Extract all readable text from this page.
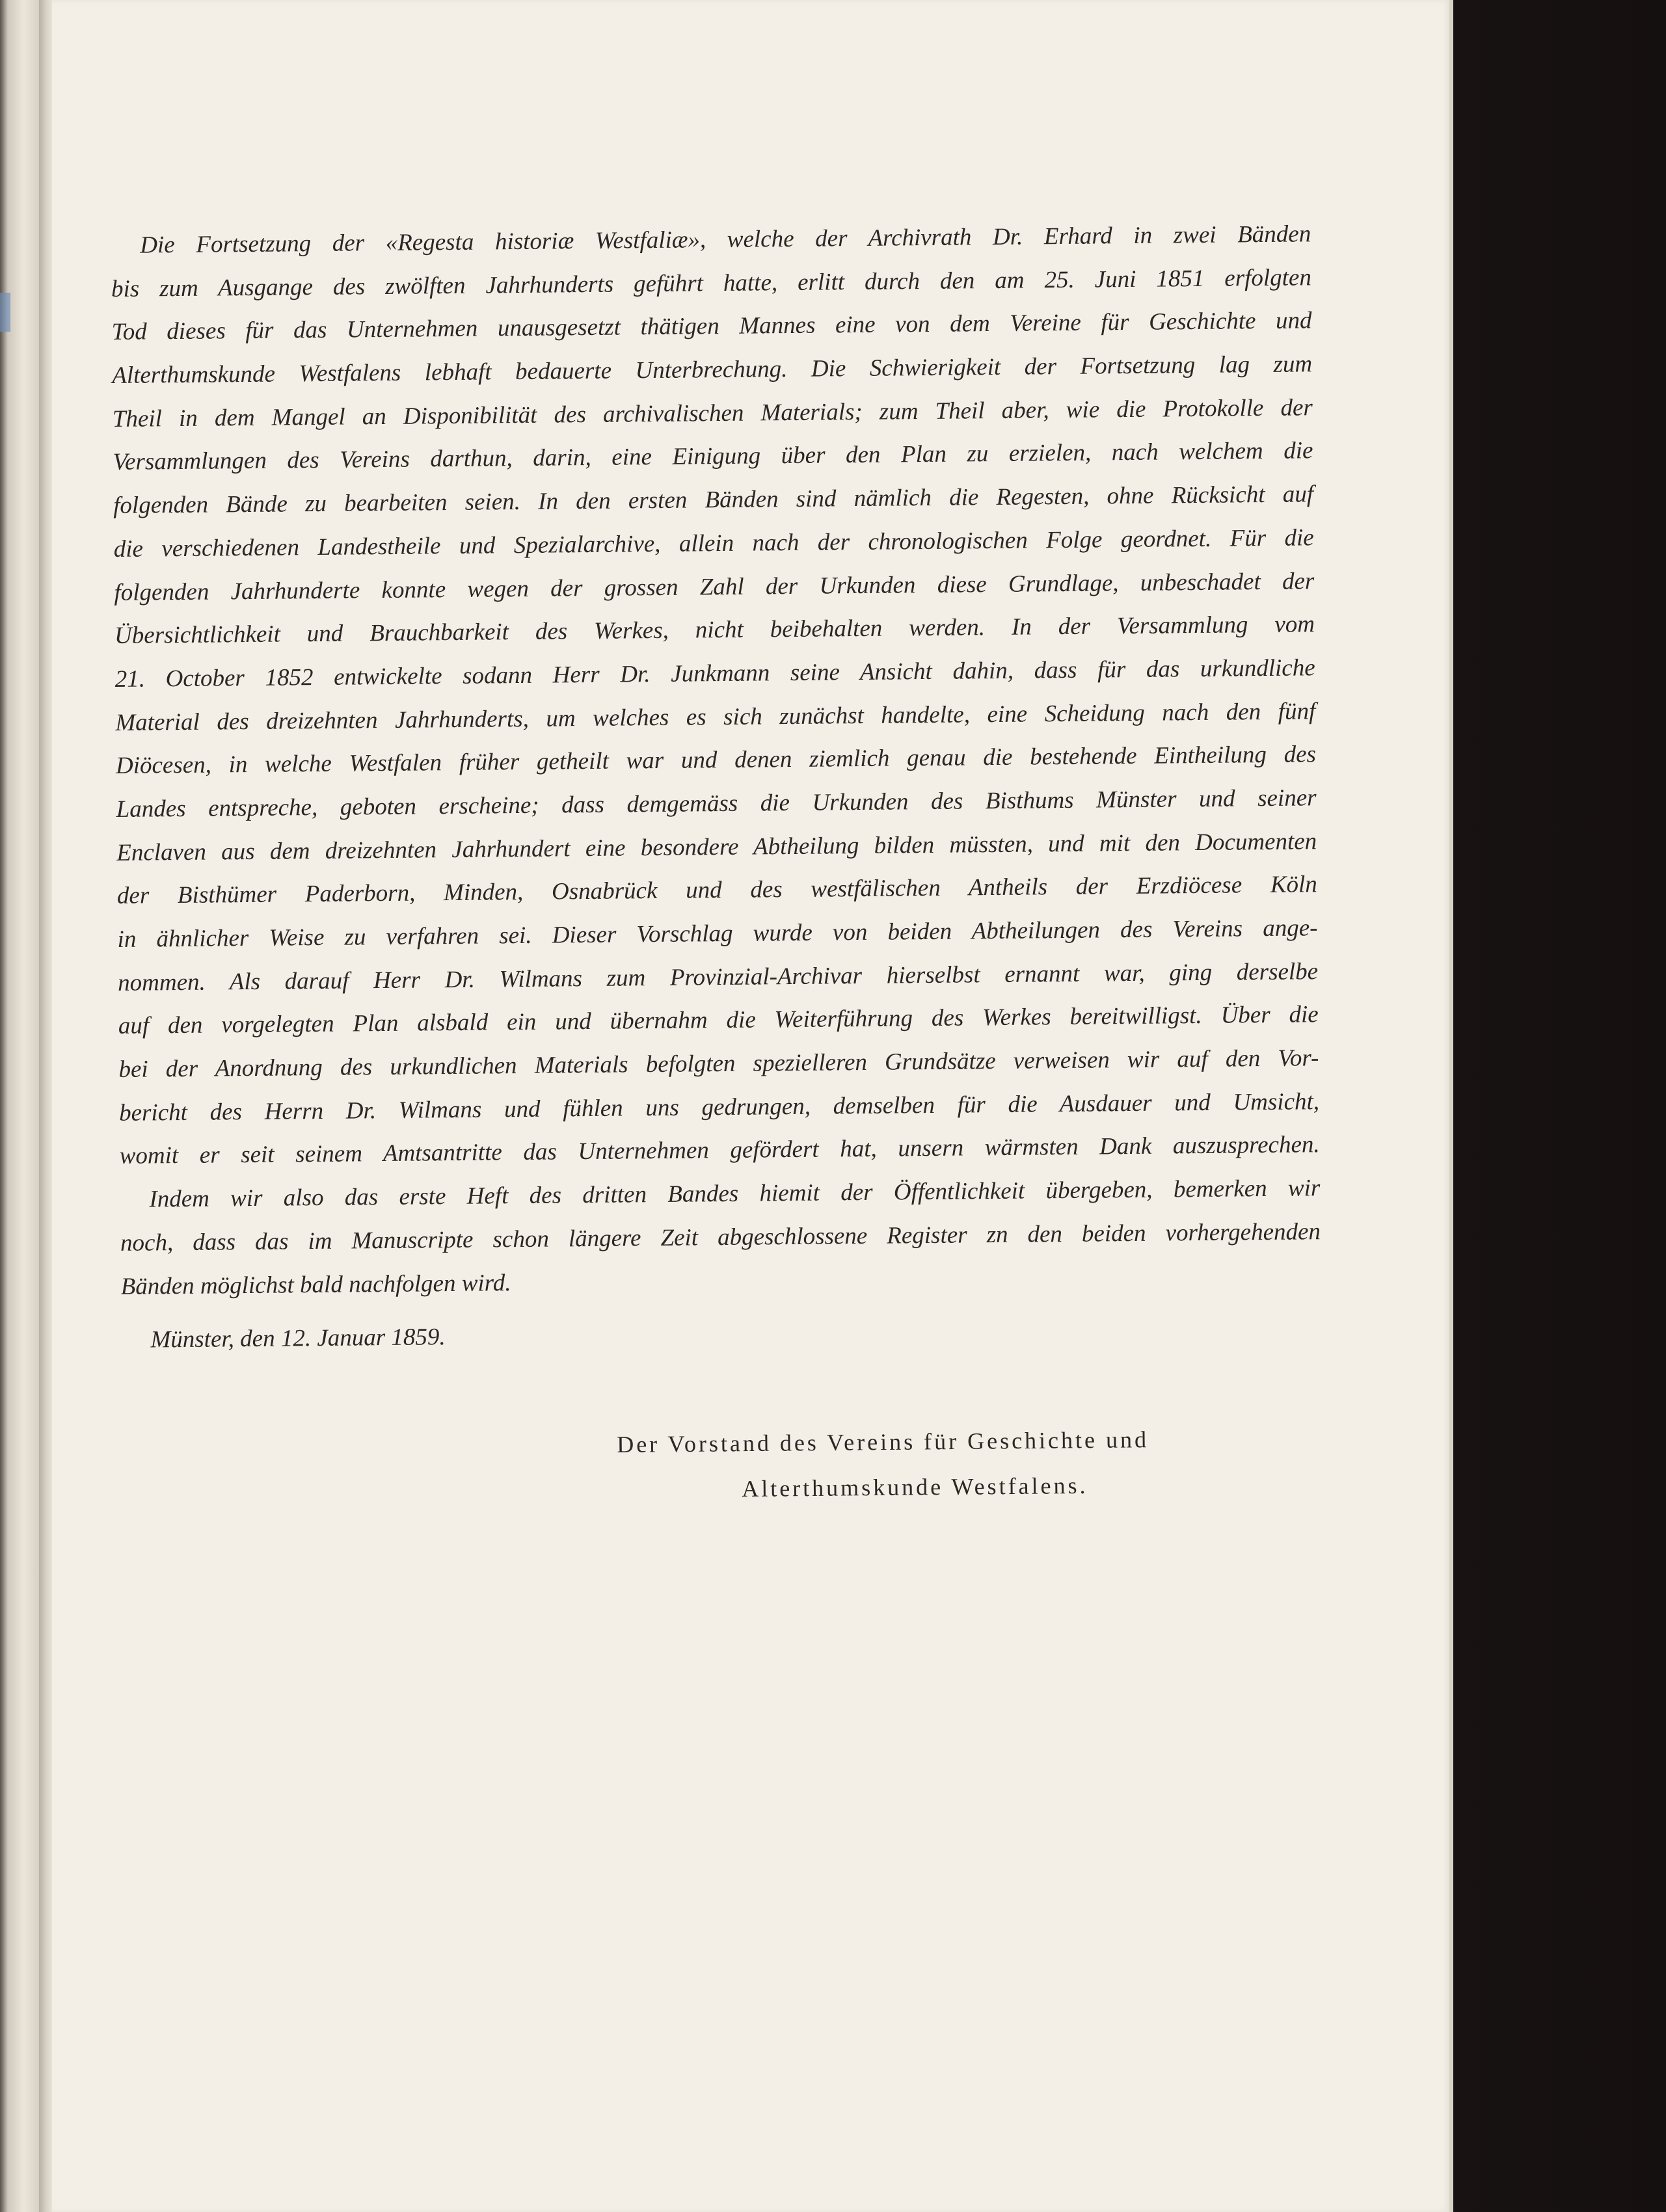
Die Fortsetzung der «Regesta historiæ Westfaliæ», welche der Archivrath Dr. Erhard in zwei Bänden
bis zum Ausgange des zwölften Jahrhunderts geführt hatte, erlitt durch den am 25. Juni 1851 erfolgten
Tod dieses für das Unternehmen unausgesetzt thätigen Mannes eine von dem Vereine für Geschichte und
Alterthumskunde Westfalens lebhaft bedauerte Unterbrechung. Die Schwierigkeit der Fortsetzung lag zum
Theil in dem Mangel an Disponibilität des archivalischen Materials; zum Theil aber, wie die Protokolle der
Versammlungen des Vereins darthun, darin, eine Einigung über den Plan zu erzielen, nach welchem die
folgenden Bände zu bearbeiten seien. In den ersten Bänden sind nämlich die Regesten, ohne Rücksicht auf
die verschiedenen Landestheile und Spezialarchive, allein nach der chronologischen Folge geordnet. Für die
folgenden Jahrhunderte konnte wegen der grossen Zahl der Urkunden diese Grundlage, unbeschadet der
Übersichtlichkeit und Brauchbarkeit des Werkes, nicht beibehalten werden. In der Versammlung vom
21. October 1852 entwickelte sodann Herr Dr. Junkmann seine Ansicht dahin, dass für das urkundliche
Material des dreizehnten Jahrhunderts, um welches es sich zunächst handelte, eine Scheidung nach den fünf
Diöcesen, in welche Westfalen früher getheilt war und denen ziemlich genau die bestehende Eintheilung des
Landes entspreche, geboten erscheine; dass demgemäss die Urkunden des Bisthums Münster und seiner
Enclaven aus dem dreizehnten Jahrhundert eine besondere Abtheilung bilden müssten, und mit den Documenten
der Bisthümer Paderborn, Minden, Osnabrück und des westfälischen Antheils der Erzdiöcese Köln
in ähnlicher Weise zu verfahren sei. Dieser Vorschlag wurde von beiden Abtheilungen des Vereins ange-
nommen. Als darauf Herr Dr. Wilmans zum Provinzial-Archivar hierselbst ernannt war, ging derselbe
auf den vorgelegten Plan alsbald ein und übernahm die Weiterführung des Werkes bereitwilligst. Über die
bei der Anordnung des urkundlichen Materials befolgten spezielleren Grundsätze verweisen wir auf den Vor-
bericht des Herrn Dr. Wilmans und fühlen uns gedrungen, demselben für die Ausdauer und Umsicht,
womit er seit seinem Amtsantritte das Unternehmen gefördert hat, unsern wärmsten Dank auszusprechen.
Indem wir also das erste Heft des dritten Bandes hiemit der Öffentlichkeit übergeben, bemerken wir
noch, dass das im Manuscripte schon längere Zeit abgeschlossene Register zn den beiden vorhergehenden
Bänden möglichst bald nachfolgen wird.
Münster, den 12. Januar 1859.
Der Vorstand des Vereins für Geschichte und
Alterthumskunde Westfalens.
